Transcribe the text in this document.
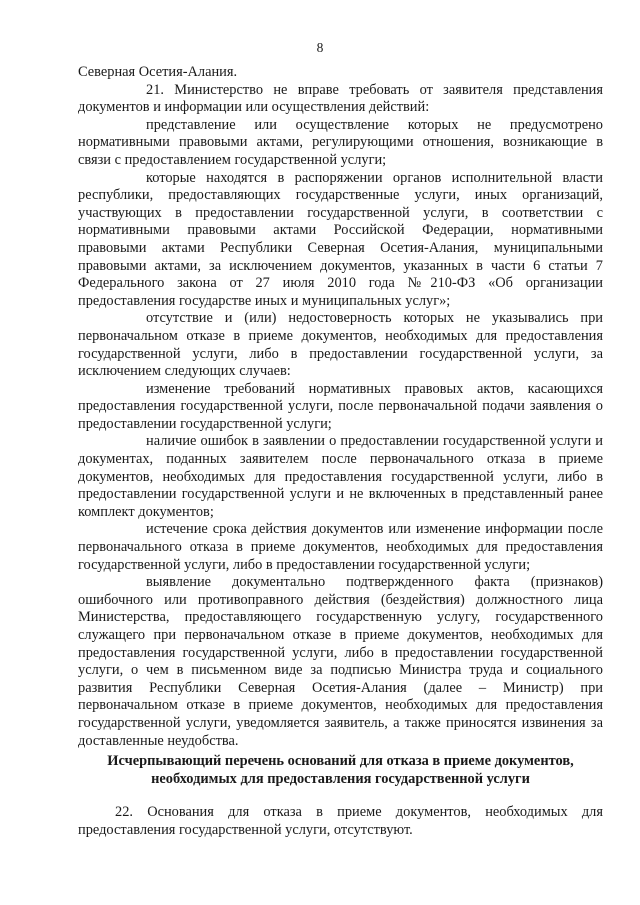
8

Северная Осетия-Алания.

21. Министерство не вправе требовать от заявителя представления документов и информации или осуществления действий:

представление или осуществление которых не предусмотрено нормативными правовыми актами, регулирующими отношения, возникающие в связи с предоставлением государственной услуги;

которые находятся в распоряжении органов исполнительной власти республики, предоставляющих государственные услуги, иных организаций, участвующих в предоставлении государственной услуги, в соответствии с нормативными правовыми актами Российской Федерации, нормативными правовыми актами Республики Северная Осетия-Алания, муниципальными правовыми актами, за исключением документов, указанных в части 6 статьи 7 Федерального закона от 27 июля 2010 года №210-ФЗ «Об организации предоставления государстве иных и муниципальных услуг»;

отсутствие и (или) недостоверность которых не указывались при первоначальном отказе в приеме документов, необходимых для предоставления государственной услуги, либо в предоставлении государственной услуги, за исключением следующих случаев:

изменение требований нормативных правовых актов, касающихся предоставления государственной услуги, после первоначальной подачи заявления о предоставлении государственной услуги;

наличие ошибок в заявлении о предоставлении государственной услуги и документах, поданных заявителем после первоначального отказа в приеме документов, необходимых для предоставления государственной услуги, либо в предоставлении государственной услуги и не включенных в представленный ранее комплект документов;

истечение срока действия документов или изменение информации после первоначального отказа в приеме документов, необходимых для предоставления государственной услуги, либо в предоставлении государственной услуги;

выявление документально подтвержденного факта (признаков) ошибочного или противоправного действия (бездействия) должностного лица Министерства, предоставляющего государственную услугу, государственного служащего при первоначальном отказе в приеме документов, необходимых для предоставления государственной услуги, либо в предоставлении государственной услуги, о чем в письменном виде за подписью Министра труда и социального развития Республики Северная Осетия-Алания (далее – Министр) при первоначальном отказе в приеме документов, необходимых для предоставления государственной услуги, уведомляется заявитель, а также приносятся извинения за доставленные неудобства.

Исчерпывающий перечень оснований для отказа в приеме документов,
необходимых для предоставления государственной услуги

22. Основания для отказа в приеме документов, необходимых для предоставления государственной услуги, отсутствуют.
